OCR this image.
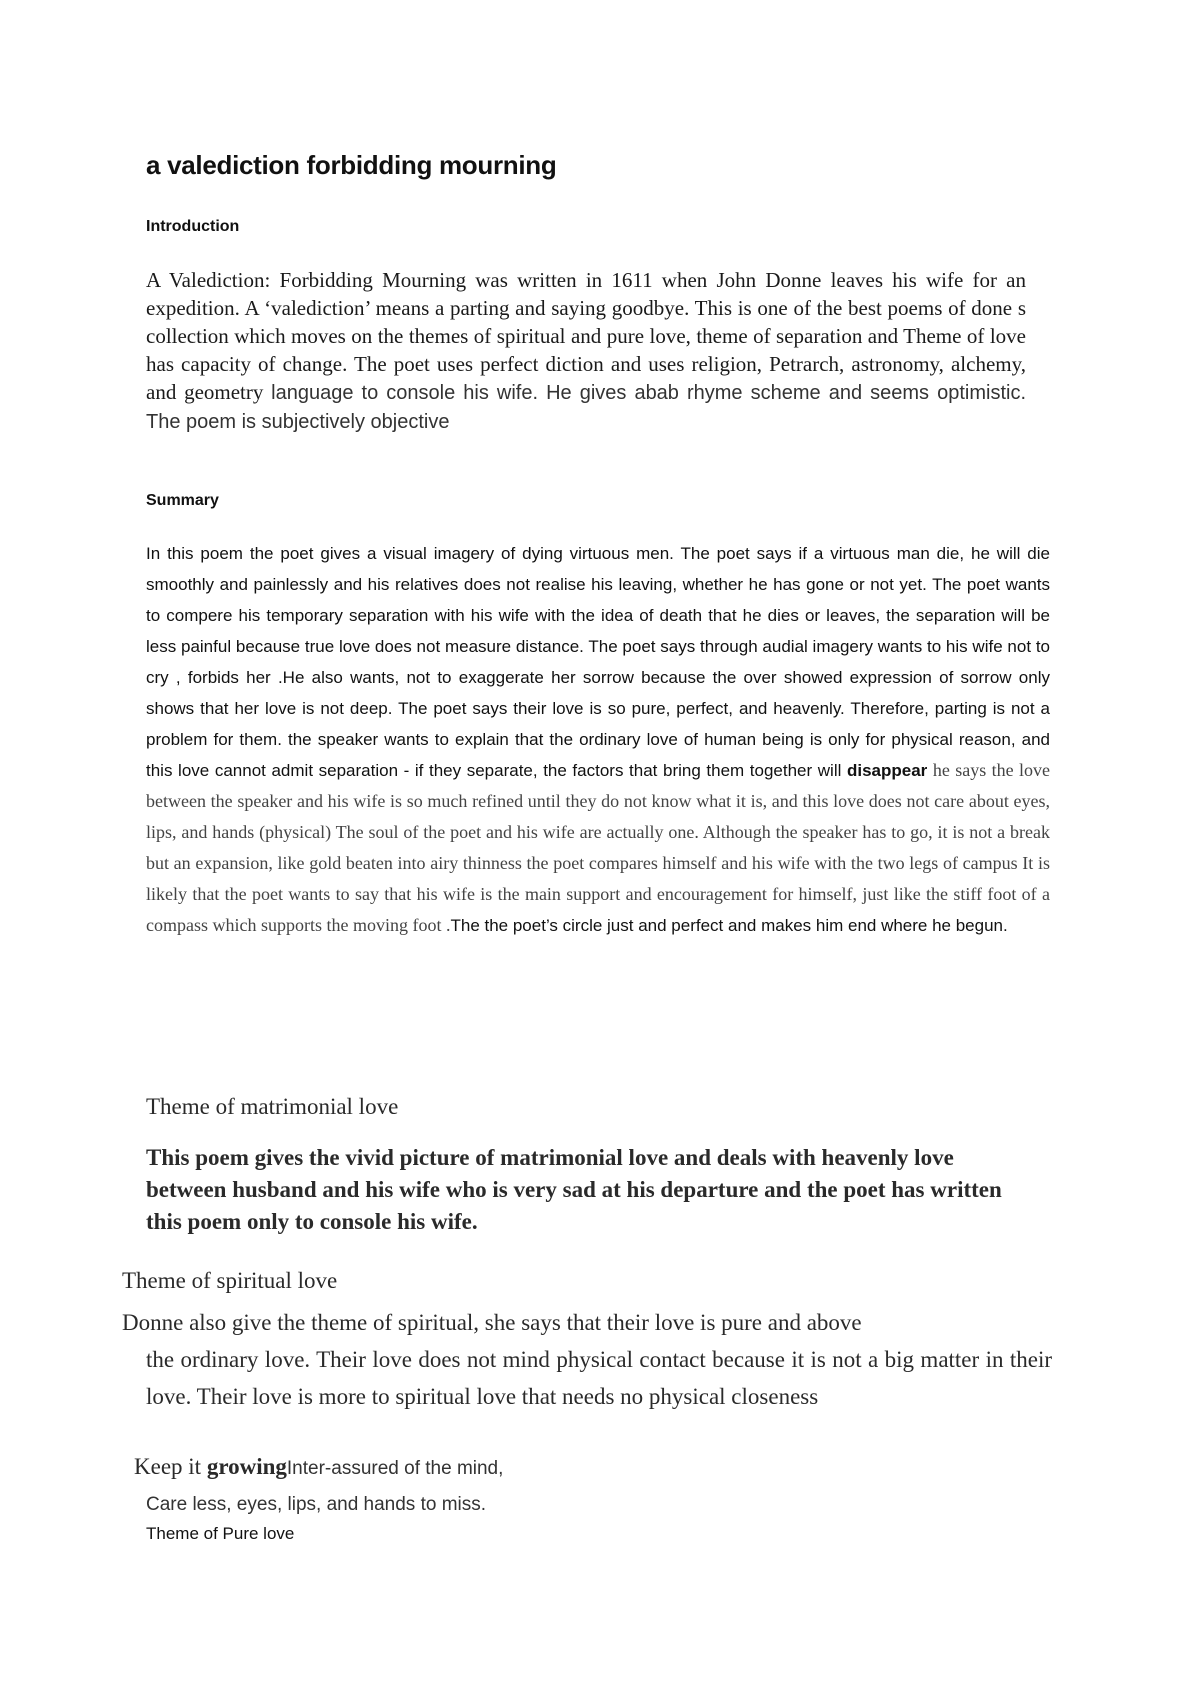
a valediction forbidding mourning
Introduction

A Valediction: Forbidding Mourning was written in 1611 when John Donne leaves his wife for an expedition. A ‘valediction’ means a parting and saying goodbye. This is one of the best poems of done s collection which moves on the themes of spiritual and pure love, theme of separation and Theme of love has capacity of change. The poet uses perfect diction and uses religion, Petrarch, astronomy, alchemy, and geometry language to console his wife. He gives abab rhyme scheme and seems optimistic. The poem is subjectively objective

Summary

In this poem the poet gives a visual imagery of dying virtuous men. The poet says if a virtuous man die, he will die smoothly and painlessly and his relatives does not realise his leaving, whether he has gone or not yet. The poet wants to compere his temporary separation with his wife with the idea of death that he dies or leaves, the separation will be less painful because true love does not measure distance. The poet says through audial imagery wants to his wife not to cry , forbids her .He also wants, not to exaggerate her sorrow because the over showed expression of sorrow only shows that her love is not deep. The poet says their love is so pure, perfect, and heavenly. Therefore, parting is not a problem for them. the speaker wants to explain that the ordinary love of human being is only for physical reason, and this love cannot admit separation - if they separate, the factors that bring them together will disappear he says the love between the speaker and his wife is so much refined until they do not know what it is, and this love does not care about eyes, lips, and hands (physical) The soul of the poet and his wife are actually one. Although the speaker has to go, it is not a break but an expansion, like gold beaten into airy thinness the poet compares himself and his wife with the two legs of campus It is likely that the poet wants to say that his wife is the main support and encouragement for himself, just like the stiff foot of a compass which supports the moving foot .The the poet’s circle just and perfect and makes him end where he begun.

Theme of matrimonial love

This poem gives the vivid picture of matrimonial love and deals with heavenly love between husband and his wife who is very sad at his departure and the poet has written this poem only to console his wife.

Theme of spiritual love

Donne also give the theme of spiritual, she says that their love is pure and above
the ordinary love. Their love does not mind physical contact because it is not a big matter in their love. Their love is more to spiritual love that needs no physical closeness

Keep it growingInter-assured of the mind,
Care less, eyes, lips, and hands to miss.
Theme of Pure love
